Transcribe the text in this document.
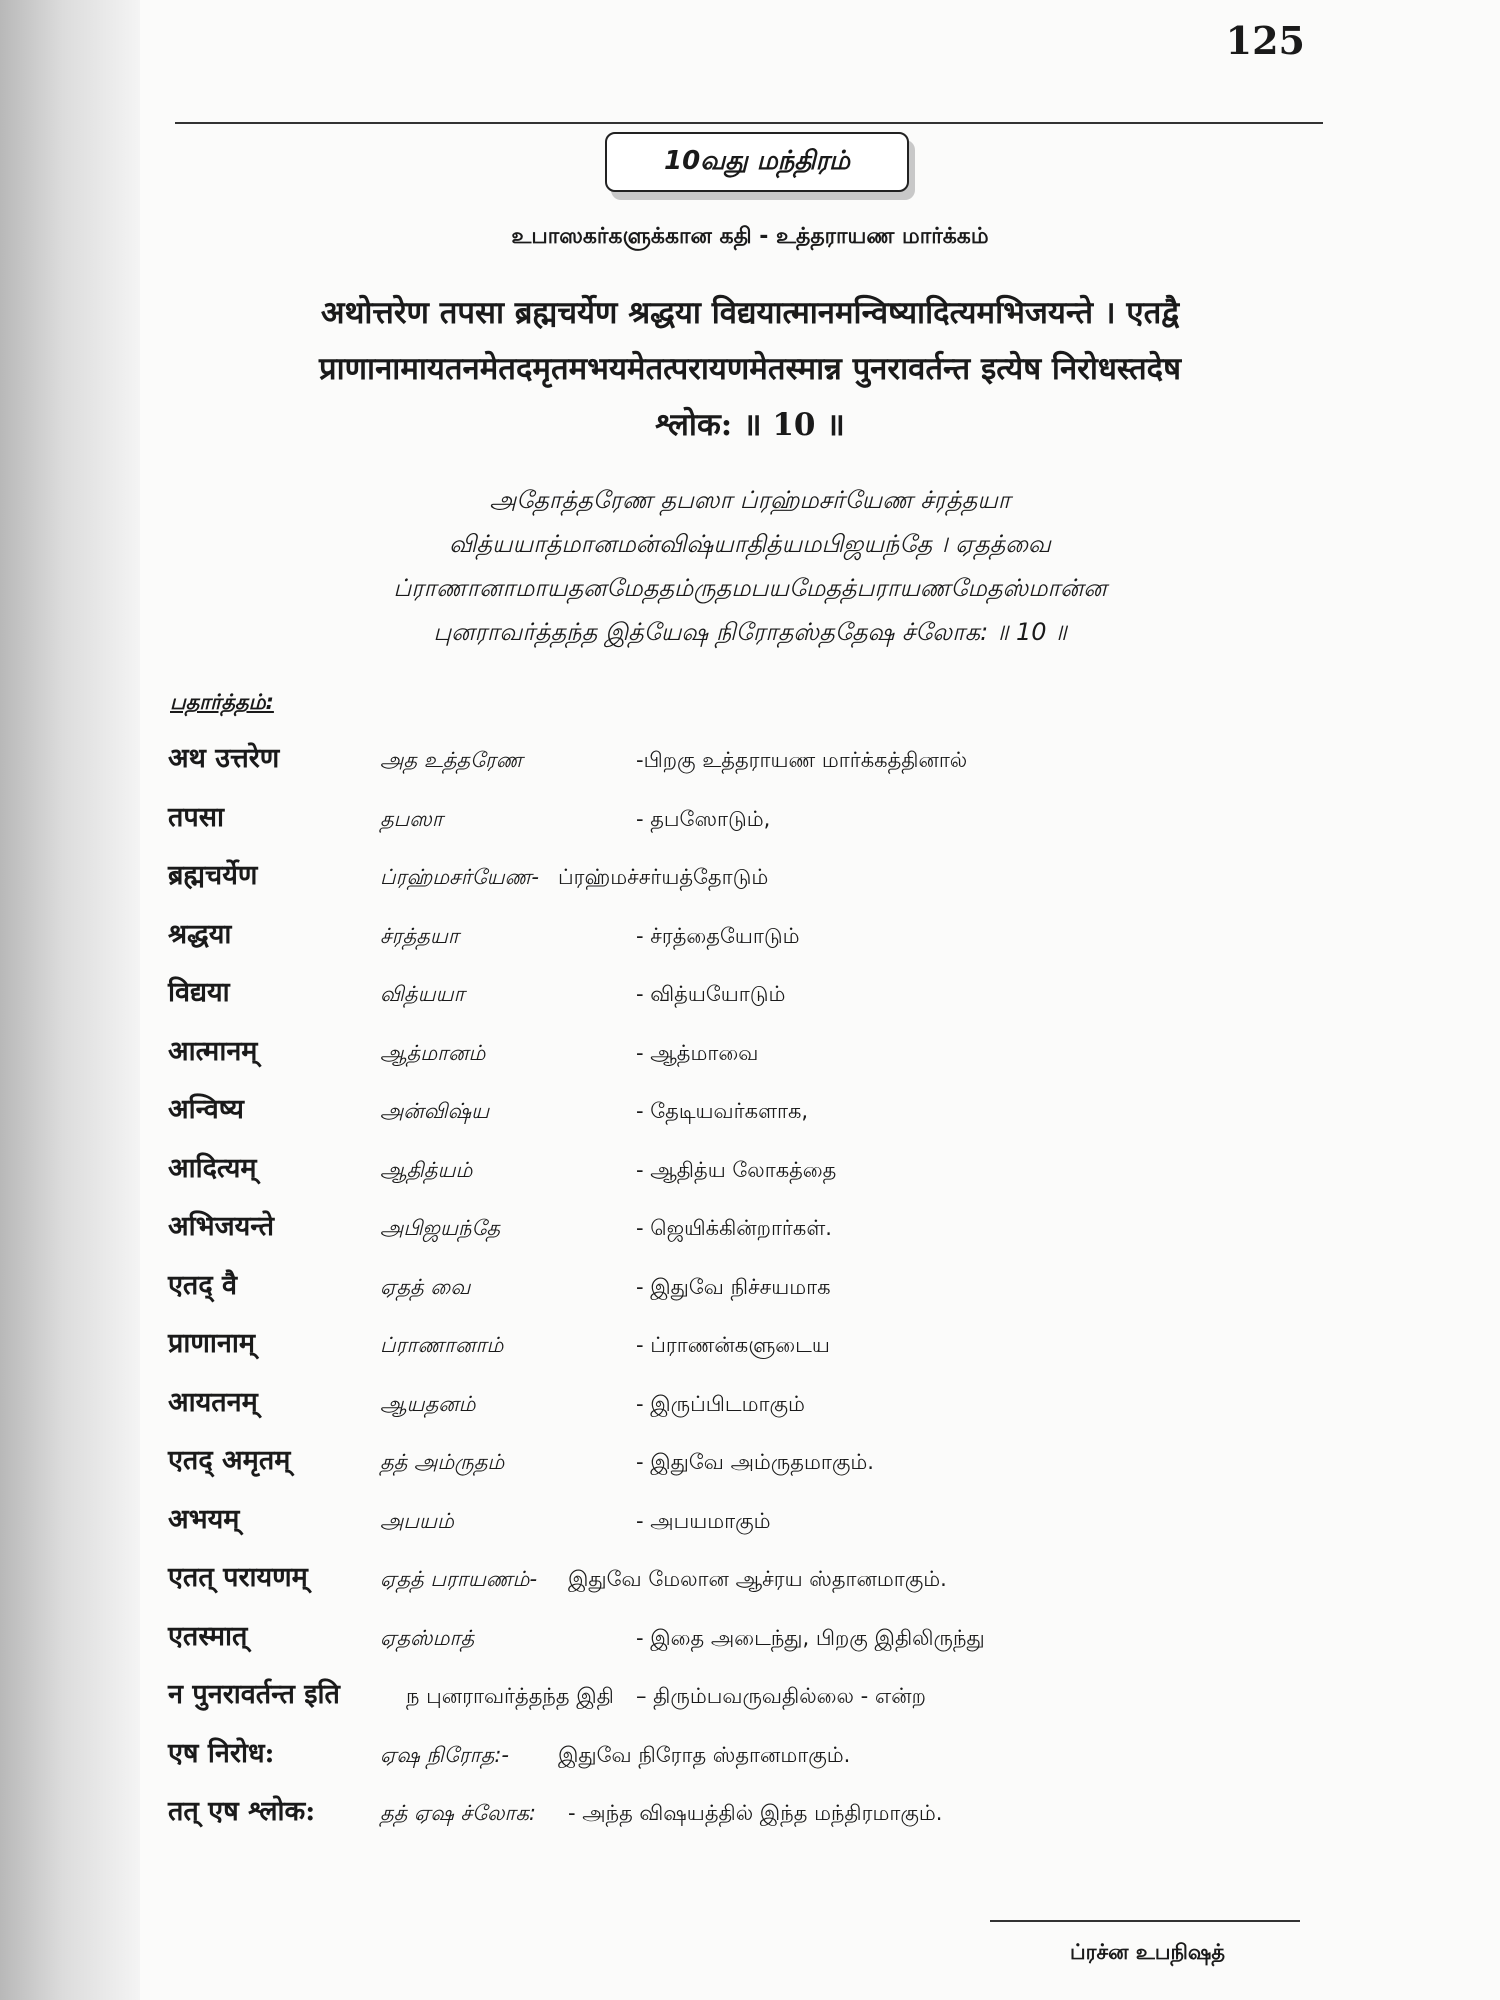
125
10வது மந்திரம்
உபாஸகர்களுக்கான கதி - உத்தராயண மார்க்கம்
अथोत्तरेण तपसा ब्रह्मचर्येण श्रद्धया विद्ययात्मानमन्विष्यादित्यमभिजयन्ते । एतद्वै
प्राणानामायतनमेतदमृतमभयमेतत्परायणमेतस्मान्न पुनरावर्तन्त इत्येष निरोधस्तदेष
श्लोक: ॥ 10 ॥
அதோத்தரேண தபஸா ப்ரஹ்மசர்யேண ச்ரத்தயா
வித்யயாத்மானமன்விஷ்யாதித்யமபிஜயந்தே । ஏதத்வை
ப்ராணானாமாயதனமேததம்ருதமபயமேதத்பராயணமேதஸ்மான்ன
புனராவர்த்தந்த இத்யேஷ நிரோதஸ்ததேஷ ச்லோக: ॥ 10 ॥
பதார்த்தம்:
अथ उत्तरेण	அத உத்தரேண	-பிறகு உத்தராயண மார்க்கத்தினால்
तपसा	தபஸா	- தபஸோடும்,
ब्रह्मचर्येण	ப்ரஹ்மசர்யேண- ப்ரஹ்மச்சர்யத்தோடும்
श्रद्धया	ச்ரத்தயா	- ச்ரத்தையோடும்
विद्यया	வித்யயா	- வித்யயோடும்
आत्मानम्	ஆத்மானம்	- ஆத்மாவை
अन्विष्य	அன்விஷ்ய	- தேடியவர்களாக,
आदित्यम्	ஆதித்யம்	- ஆதித்ய லோகத்தை
अभिजयन्ते	அபிஜயந்தே	- ஜெயிக்கின்றார்கள்.
एतद् वै	ஏதத் வை	- இதுவே நிச்சயமாக
प्राणानाम्	ப்ராணானாம்	- ப்ராணன்களுடைய
आयतनम्	ஆயதனம்	- இருப்பிடமாகும்
एतद् अमृतम्	தத் அம்ருதம்	- இதுவே அம்ருதமாகும்.
अभयम्	அபயம்	- அபயமாகும்
एतत् परायणम्	ஏதத் பராயணம்- இதுவே மேலான ஆச்ரய ஸ்தானமாகும்.
एतस्मात्	ஏதஸ்மாத்	- இதை அடைந்து, பிறகு இதிலிருந்து
न पुनरावर्तन्त इति	ந புனராவர்த்தந்த இதி – திரும்பவருவதில்லை - என்ற
एष निरोध:	ஏஷ நிரோத:- இதுவே நிரோத ஸ்தானமாகும்.
तत् एष श्लोक:	தத் ஏஷ ச்லோக: - அந்த விஷயத்தில் இந்த மந்திரமாகும்.
ப்ரச்ன உபநிஷத்
